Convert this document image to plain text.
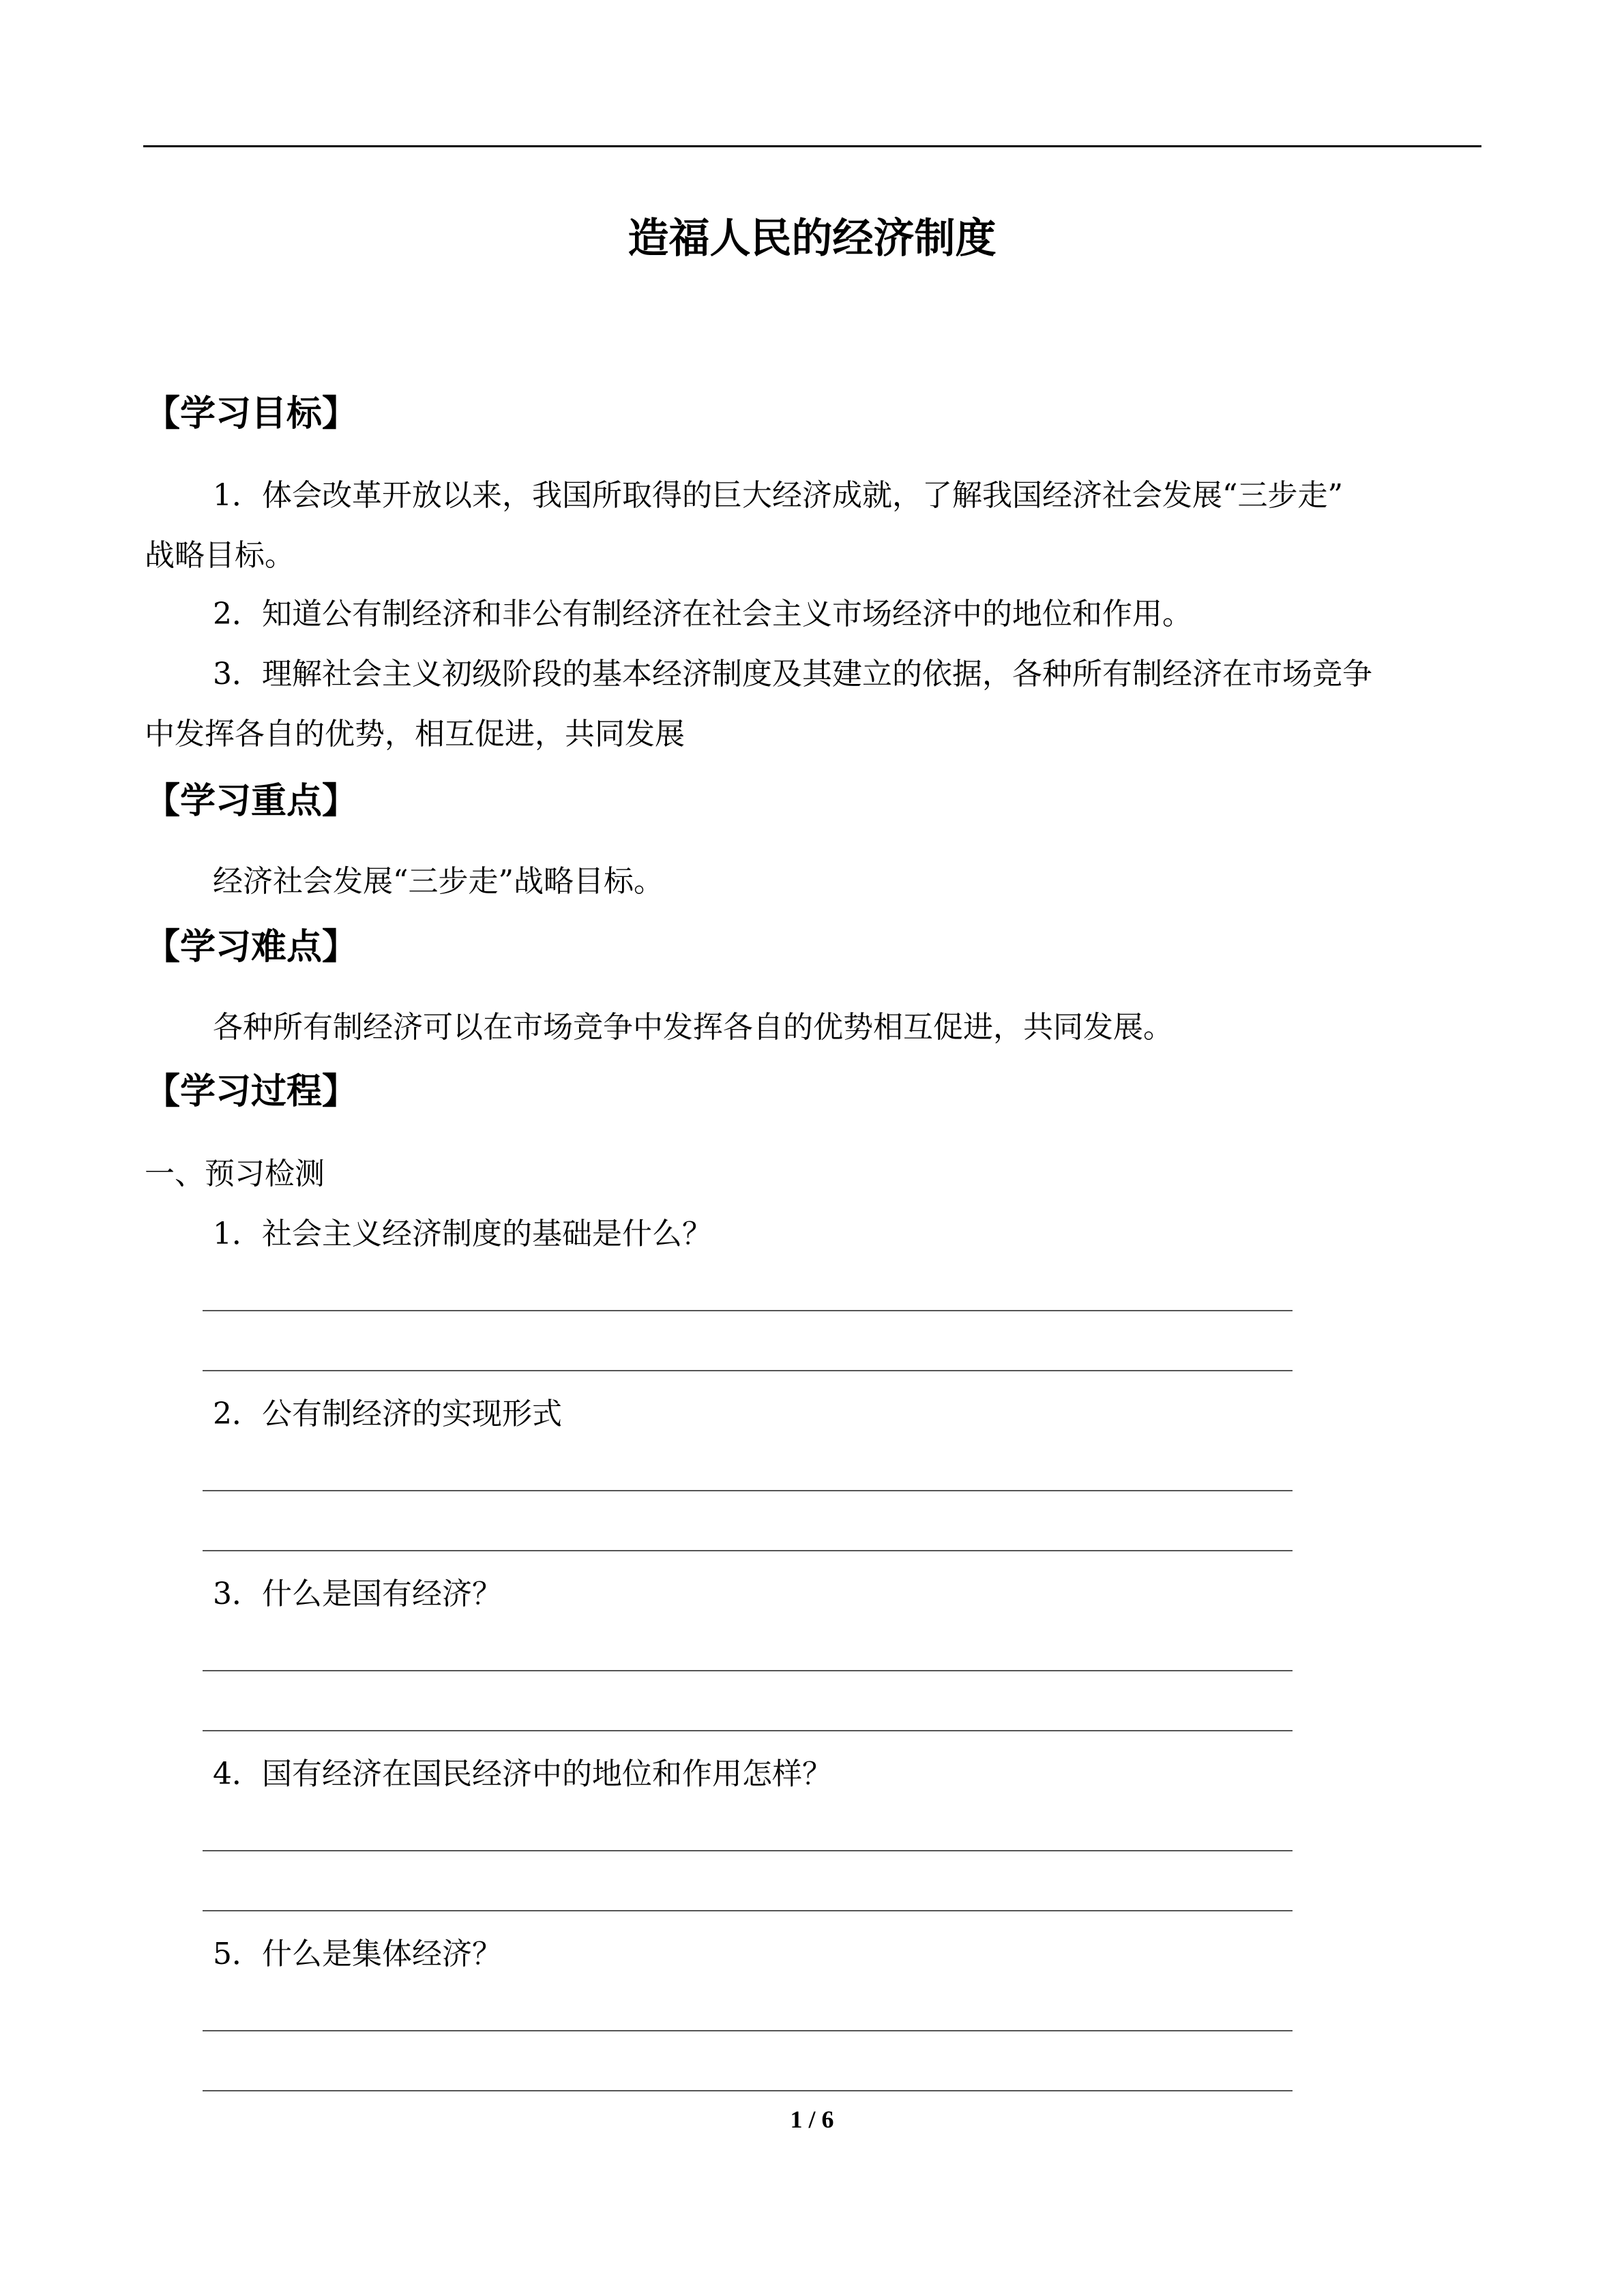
造福人民的经济制度
【学习目标】
1．体会改革开放以来，我国所取得的巨大经济成就，了解我国经济社会发展“三步走”
战略目标。
2．知道公有制经济和非公有制经济在社会主义市场经济中的地位和作用。
3．理解社会主义初级阶段的基本经济制度及其建立的依据，各种所有制经济在市场竞争
中发挥各自的优势，相互促进，共同发展
【学习重点】
经济社会发展“三步走”战略目标。
【学习难点】
各种所有制经济可以在市场竞争中发挥各自的优势相互促进，共同发展。
【学习过程】
一、预习检测
1．社会主义经济制度的基础是什么？
2．公有制经济的实现形式
3．什么是国有经济？
4．国有经济在国民经济中的地位和作用怎样？
5．什么是集体经济？
1 / 6
